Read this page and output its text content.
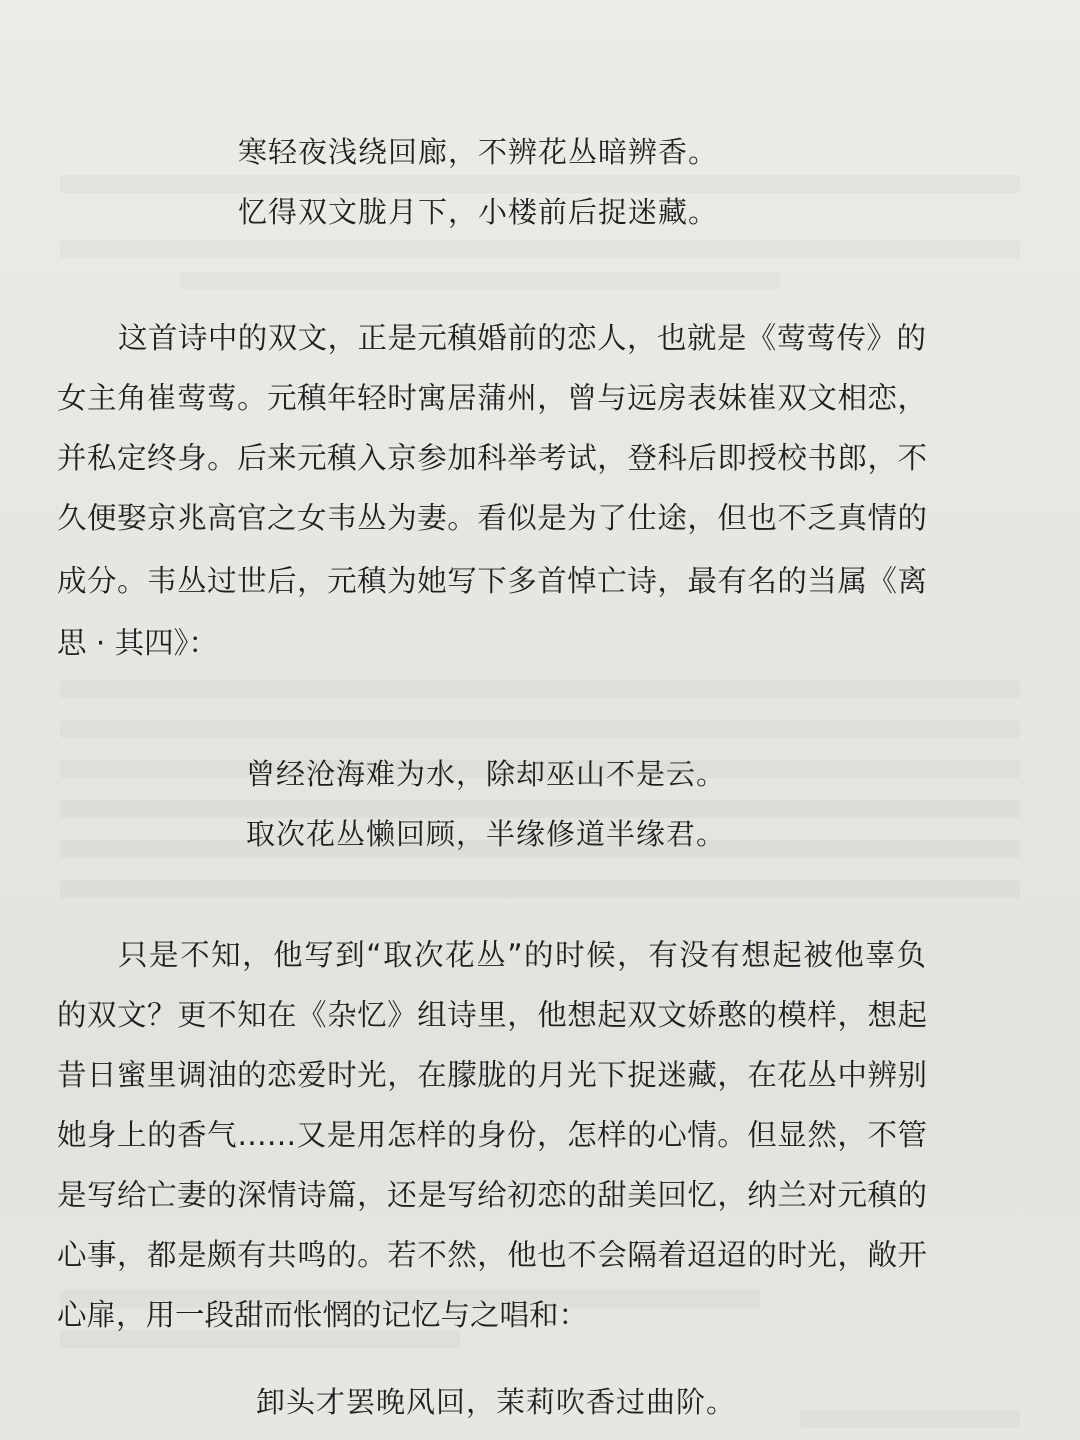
寒轻夜浅绕回廊，不辨花丛暗辨香。
忆得双文胧月下，小楼前后捉迷藏。
这首诗中的双文，正是元稹婚前的恋人，也就是《莺莺传》的
女主角崔莺莺。元稹年轻时寓居蒲州，曾与远房表妹崔双文相恋，
并私定终身。后来元稹入京参加科举考试，登科后即授校书郎，不
久便娶京兆高官之女韦丛为妻。看似是为了仕途，但也不乏真情的
成分。韦丛过世后，元稹为她写下多首悼亡诗，最有名的当属《离
思 · 其四》：
曾经沧海难为水，除却巫山不是云。
取次花丛懒回顾，半缘修道半缘君。
只是不知，他写到“取次花丛”的时候，有没有想起被他辜负
的双文？更不知在《杂忆》组诗里，他想起双文娇憨的模样，想起
昔日蜜里调油的恋爱时光，在朦胧的月光下捉迷藏，在花丛中辨别
她身上的香气……又是用怎样的身份，怎样的心情。但显然，不管
是写给亡妻的深情诗篇，还是写给初恋的甜美回忆，纳兰对元稹的
心事，都是颇有共鸣的。若不然，他也不会隔着迢迢的时光，敞开
心扉，用一段甜而怅惘的记忆与之唱和：
卸头才罢晚风回，茉莉吹香过曲阶。
